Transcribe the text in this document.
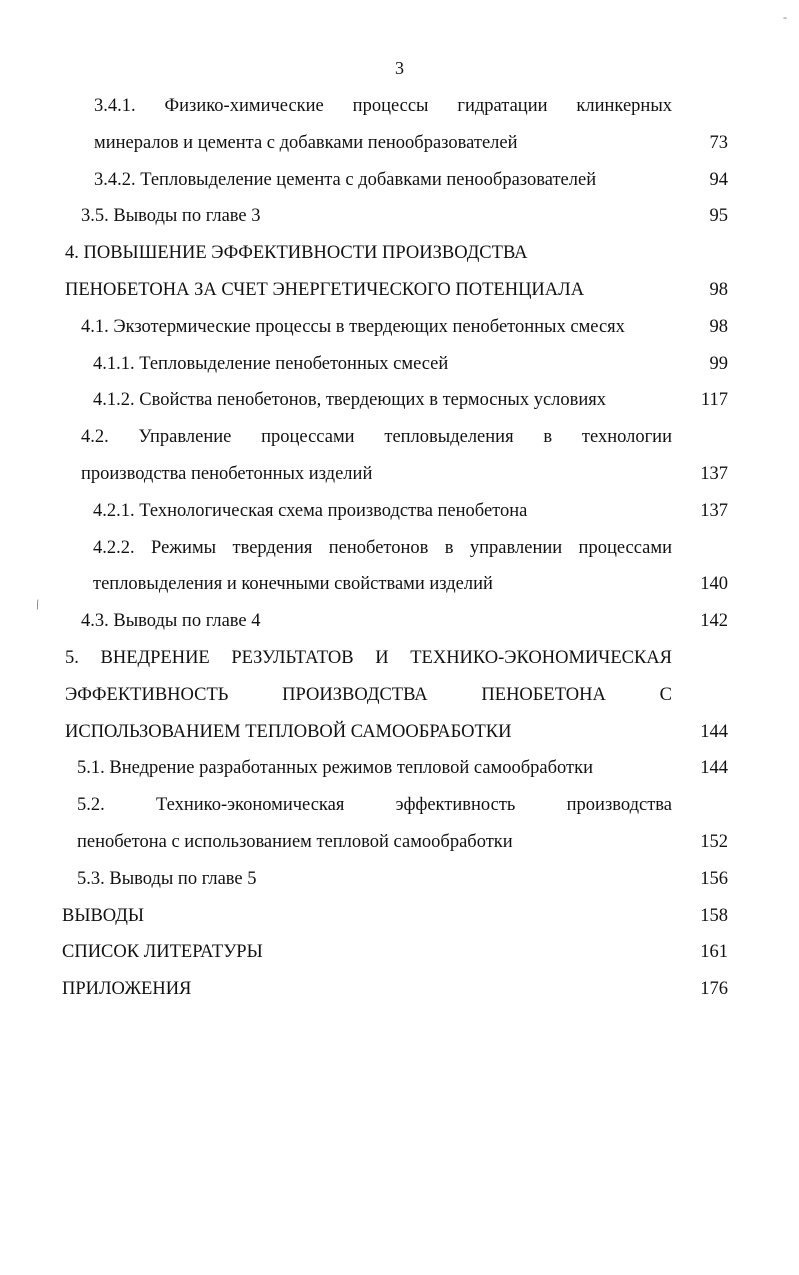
3
-
/
3.4.1. Физико-химические процессы гидратации клинкерных
минералов и цемента с добавками пенообразователей	73
3.4.2. Тепловыделение цемента с добавками пенообразователей	94
3.5. Выводы по главе 3	95
4. ПОВЫШЕНИЕ ЭФФЕКТИВНОСТИ ПРОИЗВОДСТВА
ПЕНОБЕТОНА ЗА СЧЕТ ЭНЕРГЕТИЧЕСКОГО ПОТЕНЦИАЛА	98
4.1. Экзотермические процессы в твердеющих пенобетонных смесях	98
4.1.1. Тепловыделение пенобетонных смесей	99
4.1.2. Свойства пенобетонов, твердеющих в термосных условиях	117
4.2. Управление процессами тепловыделения в технологии
производства пенобетонных изделий	137
4.2.1. Технологическая схема производства пенобетона	137
4.2.2. Режимы твердения пенобетонов в управлении процессами
тепловыделения и конечными свойствами изделий	140
4.3. Выводы по главе 4	142
5. ВНЕДРЕНИЕ РЕЗУЛЬТАТОВ И ТЕХНИКО-ЭКОНОМИЧЕСКАЯ
ЭФФЕКТИВНОСТЬ ПРОИЗВОДСТВА ПЕНОБЕТОНА С
ИСПОЛЬЗОВАНИЕМ ТЕПЛОВОЙ САМООБРАБОТКИ	144
5.1. Внедрение разработанных режимов тепловой самообработки	144
5.2. Технико-экономическая эффективность производства
пенобетона с использованием тепловой самообработки	152
5.3. Выводы по главе 5	156
ВЫВОДЫ	158
СПИСОК ЛИТЕРАТУРЫ	161
ПРИЛОЖЕНИЯ	176
